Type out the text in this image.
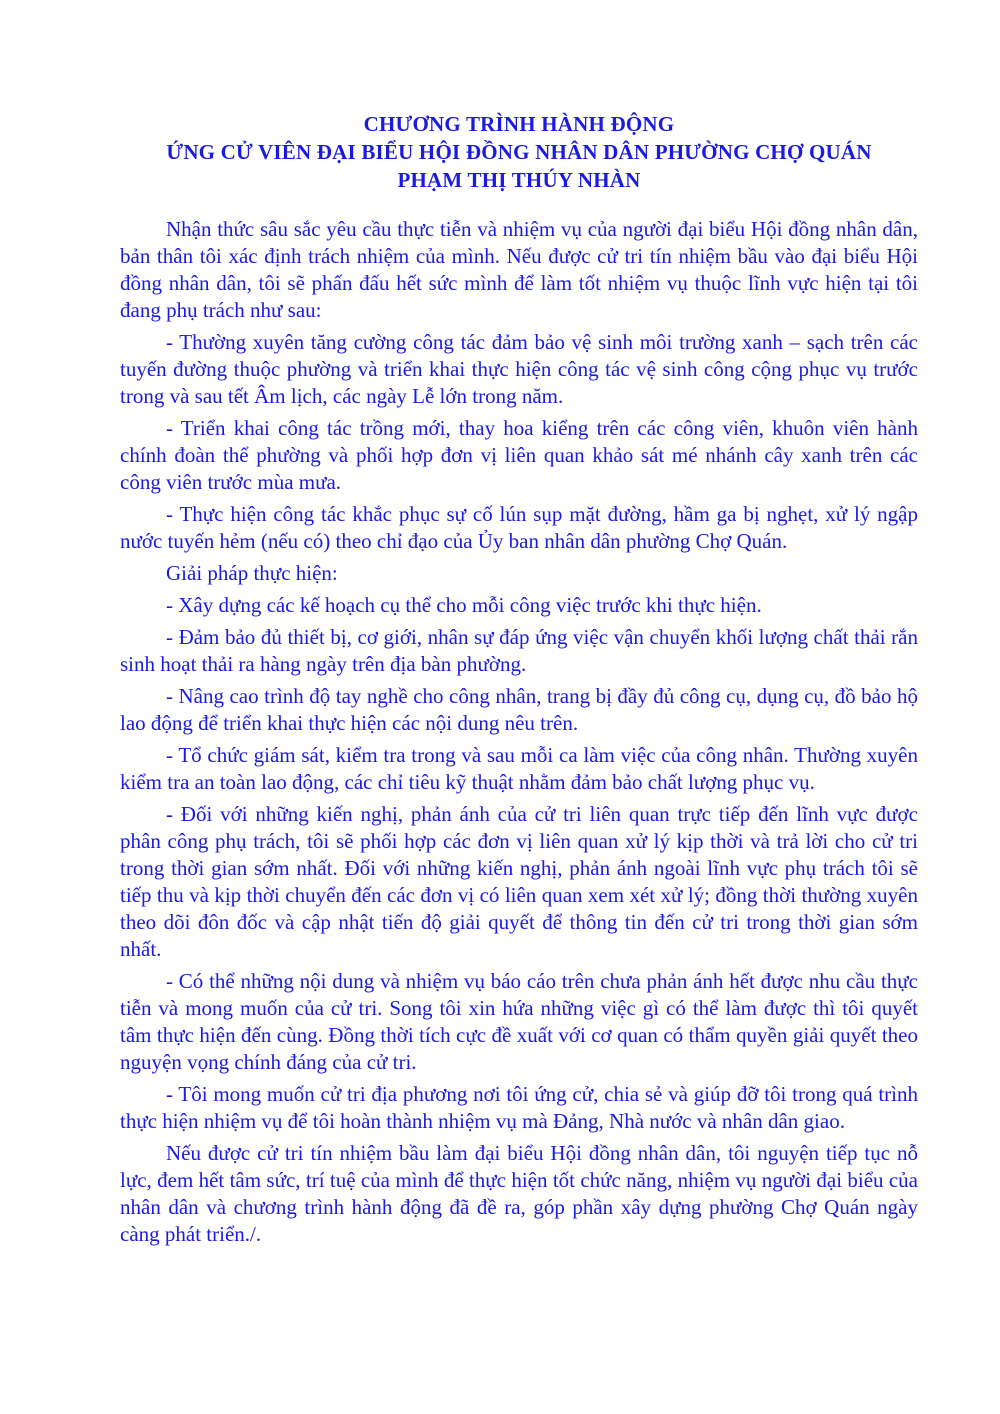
CHƯƠNG TRÌNH HÀNH ĐỘNG
ỨNG CỬ VIÊN ĐẠI BIỂU HỘI ĐỒNG NHÂN DÂN PHƯỜNG CHỢ QUÁN
PHẠM THỊ THÚY NHÀN

Nhận thức sâu sắc yêu cầu thực tiễn và nhiệm vụ của người đại biểu Hội đồng nhân dân, bản thân tôi xác định trách nhiệm của mình. Nếu được cử tri tín nhiệm bầu vào đại biểu Hội đồng nhân dân, tôi sẽ phấn đấu hết sức mình để làm tốt nhiệm vụ thuộc lĩnh vực hiện tại tôi đang phụ trách như sau:

- Thường xuyên tăng cường công tác đảm bảo vệ sinh môi trường xanh – sạch trên các tuyến đường thuộc phường và triển khai thực hiện công tác vệ sinh công cộng phục vụ trước trong và sau tết Âm lịch, các ngày Lễ lớn trong năm.

- Triển khai công tác trồng mới, thay hoa kiểng trên các công viên, khuôn viên hành chính đoàn thể phường và phối hợp đơn vị liên quan khảo sát mé nhánh cây xanh trên các công viên trước mùa mưa.

- Thực hiện công tác khắc phục sự cố lún sụp mặt đường, hầm ga bị nghẹt, xử lý ngập nước tuyến hẻm (nếu có) theo chỉ đạo của Ủy ban nhân dân phường Chợ Quán.

Giải pháp thực hiện:

- Xây dựng các kế hoạch cụ thể cho mỗi công việc trước khi thực hiện.

- Đảm bảo đủ thiết bị, cơ giới, nhân sự đáp ứng việc vận chuyển khối lượng chất thải rắn sinh hoạt thải ra hàng ngày trên địa bàn phường.

- Nâng cao trình độ tay nghề cho công nhân, trang bị đầy đủ công cụ, dụng cụ, đồ bảo hộ lao động để triển khai thực hiện các nội dung nêu trên.

- Tổ chức giám sát, kiểm tra trong và sau mỗi ca làm việc của công nhân. Thường xuyên kiểm tra an toàn lao động, các chỉ tiêu kỹ thuật nhằm đảm bảo chất lượng phục vụ.

- Đối với những kiến nghị, phản ánh của cử tri liên quan trực tiếp đến lĩnh vực được phân công phụ trách, tôi sẽ phối hợp các đơn vị liên quan xử lý kịp thời và trả lời cho cử tri trong thời gian sớm nhất. Đối với những kiến nghị, phản ánh ngoài lĩnh vực phụ trách tôi sẽ tiếp thu và kịp thời chuyển đến các đơn vị có liên quan xem xét xử lý; đồng thời thường xuyên theo dõi đôn đốc và cập nhật tiến độ giải quyết để thông tin đến cử tri trong thời gian sớm nhất.

- Có thể những nội dung và nhiệm vụ báo cáo trên chưa phản ánh hết được nhu cầu thực tiễn và mong muốn của cử tri. Song tôi xin hứa những việc gì có thể làm được thì tôi quyết tâm thực hiện đến cùng. Đồng thời tích cực đề xuất với cơ quan có thẩm quyền giải quyết theo nguyện vọng chính đáng của cử tri.

- Tôi mong muốn cử tri địa phương nơi tôi ứng cử, chia sẻ và giúp đỡ tôi trong quá trình thực hiện nhiệm vụ để tôi hoàn thành nhiệm vụ mà Đảng, Nhà nước và nhân dân giao.

Nếu được cử tri tín nhiệm bầu làm đại biểu Hội đồng nhân dân, tôi nguyện tiếp tục nỗ lực, đem hết tâm sức, trí tuệ của mình để thực hiện tốt chức năng, nhiệm vụ người đại biểu của nhân dân và chương trình hành động đã đề ra, góp phần xây dựng phường Chợ Quán ngày càng phát triển./.
